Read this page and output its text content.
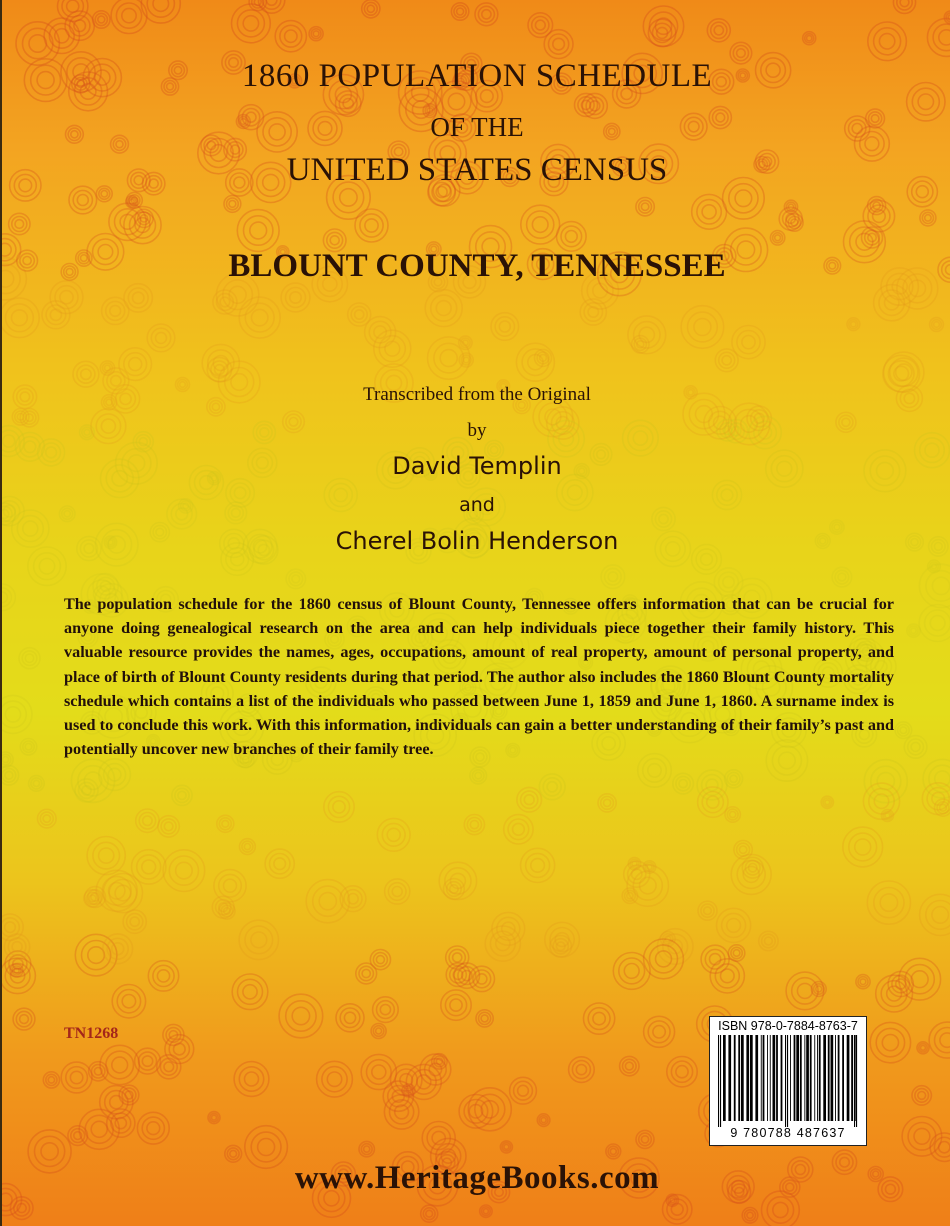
1860 POPULATION SCHEDULE
OF THE
UNITED STATES CENSUS
BLOUNT COUNTY, TENNESSEE
Transcribed from the Original
by
David Templin
and
Cherel Bolin Henderson
The population schedule for the 1860 census of Blount County, Tennessee offers information that can be crucial for anyone doing genealogical research on the area and can help individuals piece together their family history. This valuable resource provides the names, ages, occupations, amount of real property, amount of personal property, and place of birth of Blount County residents during that period. The author also includes the 1860 Blount County mortality schedule which contains a list of the individuals who passed between June 1, 1859 and June 1, 1860. A surname index is used to conclude this work. With this information, individuals can gain a better understanding of their family’s past and potentially uncover new branches of their family tree.
TN1268	ISBN 978-0-7884-8763-7
9 780788 487637
www.HeritageBooks.com
